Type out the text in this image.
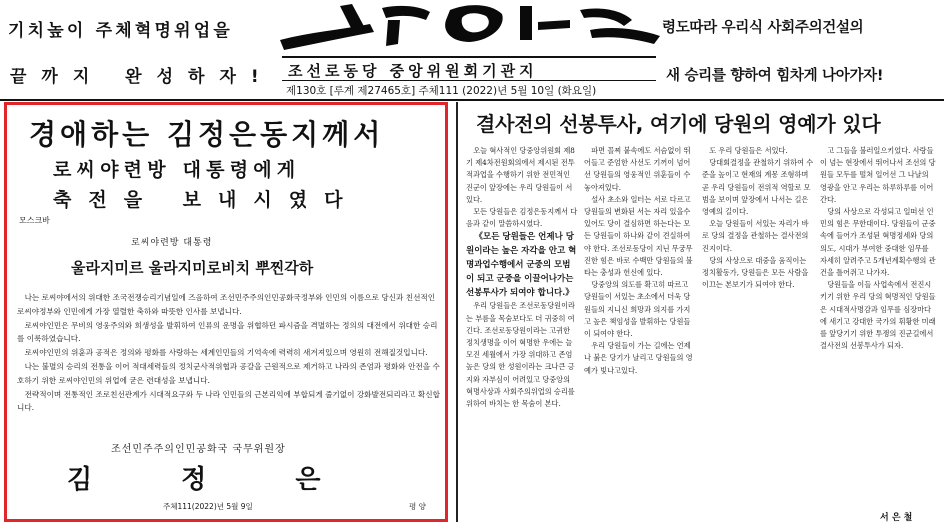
기치높이 주체혁명위업을
끝까지 완성하자! 조선로동당 중앙위원회기관지
제130호 [루계 제27465호] 주체111 (2022)년 5월 10일 (화요일)
령도따라 우리식 사회주의건설의
새 승리를 향하여 힘차게 나아가자!
경애하는 김정은동지께서
로씨야련방 대통령에게
축전을 보내시였다
모스크바
로씨야련방 대통령
울라지미르 울라지미로비치 뿌찐각하

나는 로씨야에서의 위대한 조국전쟁승리기념일에 즈음하여 조선민주주의인민공화국정부와 인민의 이름으로 당신과 친선적인 로씨야정부와 인민에게 가장 열렬한 축하와 따뜻한 인사를 보냅니다.

로씨야인민은 무비의 영웅주의와 희생성을 발휘하여 인류의 운명을 위협하던 파시즘을 격멸하는 정의의 대전에서 위대한 승리를 이룩하였습니다.

로씨야인민의 위훈과 공적은 정의와 평화를 사랑하는 세계인민들의 기억속에 력력히 새겨져있으며 영원히 전해질것입니다.

나는 불멸의 승리의 전통을 이어 적대세력들의 정치군사적위협과 공갈을 근원적으로 제거하고 나라의 존엄과 평화와 안전을 수호하기 위한 로씨야인민의 위업에 굳은 련대성을 보냅니다.

전략적이며 전통적인 조로친선관계가 시대적요구와 두 나라 인민들의 근본리익에 부합되게 줄기없이 강화발전되리라고 확신합니다.

조선민주주의인민공화국 국무위원장
김 정 은
주체111(2022)년 5월 9일	평 양
결사전의 선봉투사, 여기에 당원의 영예가 있다

오늘 혁사적인 당중앙위원회 제8기 제4차전원회의에서 제시된 전투적과업을 수행하기 위한 전민적인 진군이 앞장에는 우리 당원들이 서있다.

모든 당원들은 김정은동지께서 다음과 같이 말씀하시였다.

《모든 당원들은 언제나 당원이라는 높은 자각을 안고 혁명과업수행에서 군중의 모범이 되고 군중을 이끌어나가는 선봉투사가 되여야 합니다.》

우리 당원들은 조선로동당원이라는 부름을 목숨보다도 더 귀중히 여긴다. 조선로동당원이라는 고귀한 정치생명을 이어 혁명한 우에는 늘 모진 세월에서 가장 위대하고 존엄높은 당의 한 성원이라는 크나큰 긍지와 자부심이 어려있고 당중앙의 혁명사상과 사회주의위업의 승리를 위하여 바치는 한 목숨이 본다.

파면 꼴찌 붙속에도 서슴없이 뛰어들고 준엄한 사선도 기꺼이 넘어선 당원들의 영웅적인 위훈들이 수놓아져있다.

설사 초소와 일터는 서로 다르고 당원들의 변화된 서는 자리 있을수 있어도 당이 결심하면 하는다는 모든 당원들이 하나와 같이 견실하여야 한다. 조선로동당이 지닌 무궁무진한 힘은 바로 수백만 당원들의 불타는 충성과 헌신에 있다.

당중앙의 의도를 확고히 따르고 당원들이 서있는 초소에서 더욱 당원들의 지니신 희망과 의지를 가지고 높은 책임성을 발휘하는 당원들이 되여야 한다.

우리 당원들이 가는 길에는 언제나 붉은 당기가 날리고 당원들의 영예가 빛나고있다.

도 우리 당원들은 서있다.

당대회결정을 관철하기 위하여 수준을 높이고 현재의 계몽 조형하며 곧 우리 당원들이 전위적 역할로 모범을 보이며 앞장에서 나서는 길은 영예의 길이다.

오늘 당원들이 서있는 자리가 바로 당의 결정을 관철하는 결사전의 진지이다.

당의 사상으로 대중을 움직이는 정치활동가, 당원들은 모든 사람을 이끄는 본보기가 되여야 한다.

고 그들을 불러일으키었다. 사랑들이 넘는 현장에서 뛰어나서 조선의 당원들 모두를 떨쳐 일어선 그 나날의 영광을 안고 우리는 하루하루를 이어간다.

당의 사상으로 각성되고 일떠선 인민의 힘은 무한대이다. 당원들이 군중속에 들어가 조성된 혁명정세와 당의 의도, 시대가 부여한 중대한 임무를 자세히 알려주고 5개년계획수행의 관건을 틀어쥐고 나가자.

당원들을 이들 사업속에서 전진시키기 위한 우리 당의 혁명적인 당원들은 시대적사명감과 임무를 심장마다에 새기고 강대한 국가의 휘황한 미래를 앞당기기 위한 투쟁의 진군길에서 결사전의 선봉투사가 되자.

서 은 철
